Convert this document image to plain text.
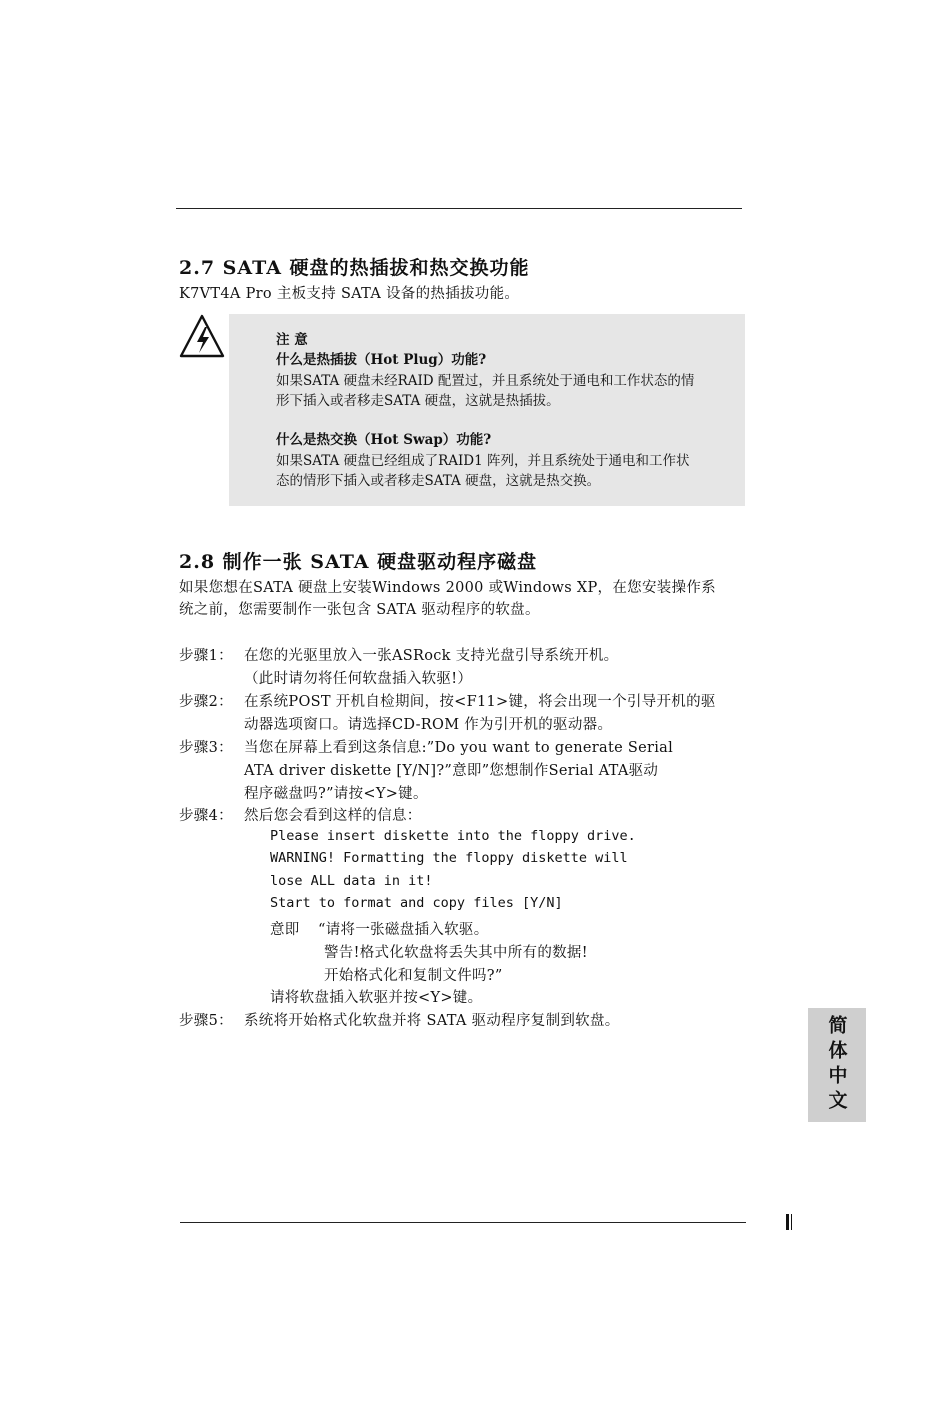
2.7 SATA 硬盘的热插拔和热交换功能
K7VT4A Pro 主板支持 SATA 设备的热插拔功能。
注 意
什么是热插拔（Hot Plug）功能?
如果SATA 硬盘未经RAID 配置过，并且系统处于通电和工作状态的情
形下插入或者移走SATA 硬盘，这就是热插拔。
什么是热交换（Hot Swap）功能?
如果SATA 硬盘已经组成了RAID1 阵列，并且系统处于通电和工作状
态的情形下插入或者移走SATA 硬盘，这就是热交换。
2.8 制作一张 SATA 硬盘驱动程序磁盘
如果您想在SATA 硬盘上安装Windows 2000 或Windows XP，在您安装操作系
统之前，您需要制作一张包含 SATA 驱动程序的软盘。
步骤1： 在您的光驱里放入一张ASRock 支持光盘引导系统开机。
（此时请勿将任何软盘插入软驱!）
步骤2： 在系统POST 开机自检期间，按<F11>键，将会出现一个引导开机的驱
动器选项窗口。请选择CD-ROM 作为引开机的驱动器。
步骤3： 当您在屏幕上看到这条信息:”Do you want to generate Serial
ATA driver diskette [Y/N]?”意即”您想制作Serial ATA驱动
程序磁盘吗?”请按<Y>键。
步骤4： 然后您会看到这样的信息：
Please insert diskette into the floppy drive.
WARNING! Formatting the floppy diskette will
lose ALL data in it!
Start to format and copy files [Y/N]
意即 “请将一张磁盘插入软驱。
警告!格式化软盘将丢失其中所有的数据!
开始格式化和复制文件吗?”
请将软盘插入软驱并按<Y>键。
步骤5： 系统将开始格式化软盘并将 SATA 驱动程序复制到软盘。	简体中文
